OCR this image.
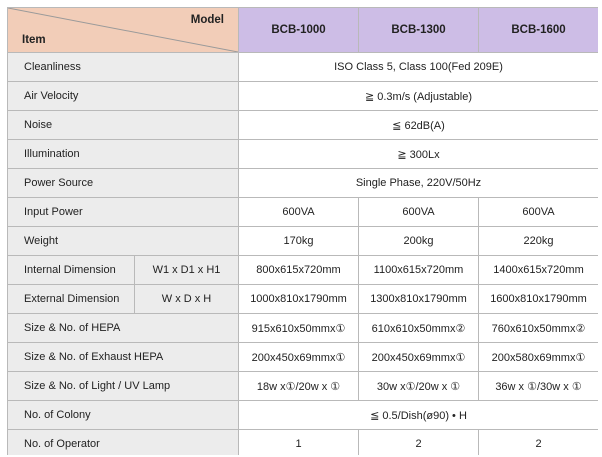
Model
Item		BCB-1000	BCB-1300	BCB-1600
Cleanliness		ISO Class 5, Class 100(Fed 209E)		
Air Velocity		≧ 0.3m/s (Adjustable)		
Noise		≦ 62dB(A)		
Illumination		≧ 300Lx		
Power Source		Single Phase, 220V/50Hz		
Input Power		600VA	600VA	600VA
Weight		170kg	200kg	220kg
Internal Dimension	W1 x D1 x H1	800x615x720mm	1100x615x720mm	1400x615x720mm
External Dimension	W x D x H	1000x810x1790mm	1300x810x1790mm	1600x810x1790mm
Size & No. of HEPA		915x610x50mmx①	610x610x50mmx②	760x610x50mmx②
Size & No. of Exhaust HEPA		200x450x69mmx①	200x450x69mmx①	200x580x69mmx①
Size & No. of Light / UV Lamp		18w x①/20w x ①	30w x①/20w x ①	36w x ①/30w x ①
No. of Colony		≦ 0.5/Dish(ø90) • H		
No. of Operator		1	2	2
